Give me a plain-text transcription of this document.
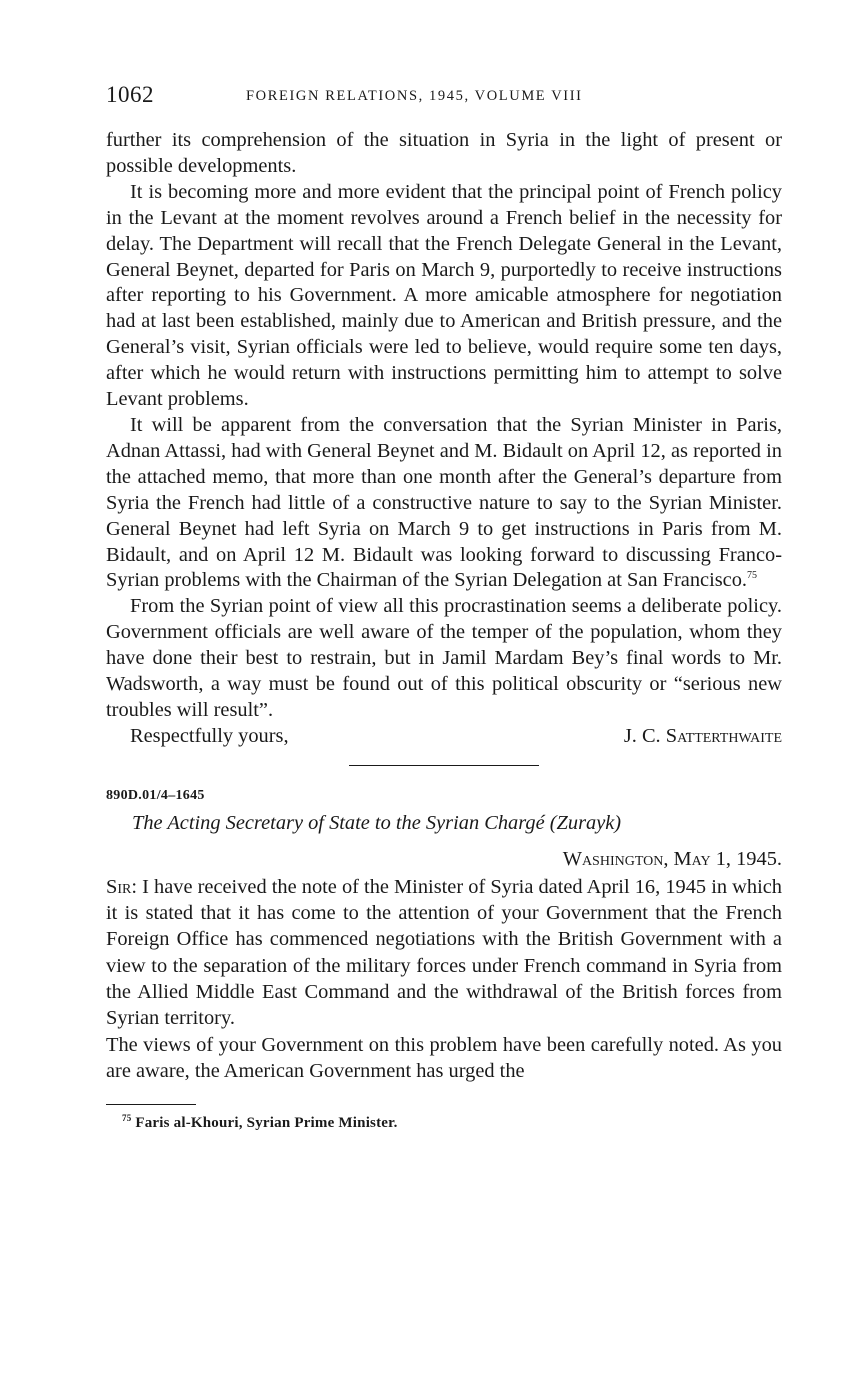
1062	FOREIGN RELATIONS, 1945, VOLUME VIII

further its comprehension of the situation in Syria in the light of present or possible developments.

It is becoming more and more evident that the principal point of French policy in the Levant at the moment revolves around a French belief in the necessity for delay. The Department will recall that the French Delegate General in the Levant, General Beynet, departed for Paris on March 9, purportedly to receive instructions after reporting to his Government. A more amicable atmosphere for negotiation had at last been established, mainly due to American and British pressure, and the General’s visit, Syrian officials were led to believe, would require some ten days, after which he would return with instructions permitting him to attempt to solve Levant problems.

It will be apparent from the conversation that the Syrian Minister in Paris, Adnan Attassi, had with General Beynet and M. Bidault on April 12, as reported in the attached memo, that more than one month after the General’s departure from Syria the French had little of a constructive nature to say to the Syrian Minister. General Beynet had left Syria on March 9 to get instructions in Paris from M. Bidault, and on April 12 M. Bidault was looking forward to discussing Franco-Syrian problems with the Chairman of the Syrian Delegation at San Francisco.$^{75}$

From the Syrian point of view all this procrastination seems a deliberate policy. Government officials are well aware of the temper of the population, whom they have done their best to restrain, but in Jamil Mardam Bey’s final words to Mr. Wadsworth, a way must be found out of this political obscurity or “serious new troubles will result”.

Respectfully yours,	J. C. Satterthwaite
890D.01/4–1645
The Acting Secretary of State to the Syrian Chargé (Zurayk)
Washington, May 1, 1945.

Sir: I have received the note of the Minister of Syria dated April 16, 1945 in which it is stated that it has come to the attention of your Government that the French Foreign Office has commenced negotiations with the British Government with a view to the separation of the military forces under French command in Syria from the Allied Middle East Command and the withdrawal of the British forces from Syrian territory.

The views of your Government on this problem have been carefully noted. As you are aware, the American Government has urged the

$^{75}$ Faris al-Khouri, Syrian Prime Minister.
